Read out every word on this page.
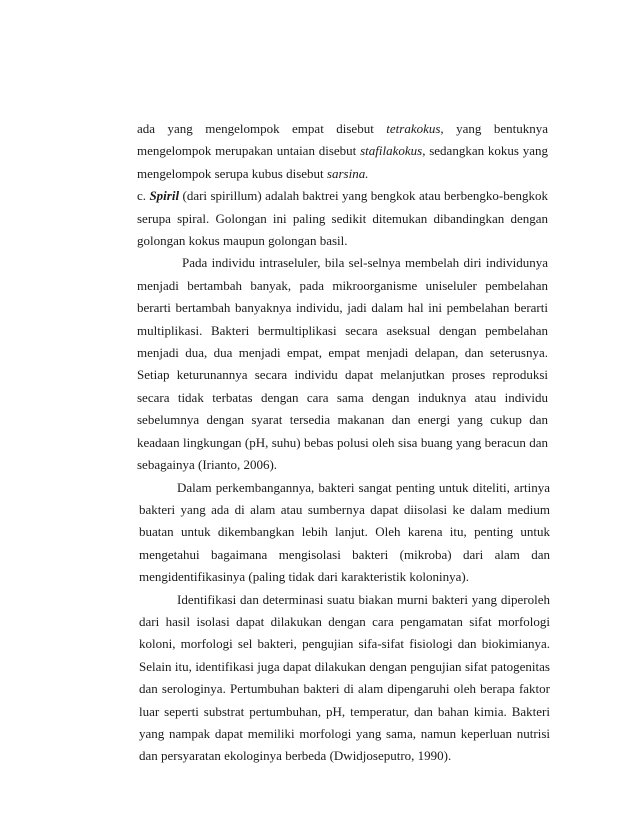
ada yang mengelompok empat disebut tetrakokus, yang bentuknya mengelompok merupakan untaian disebut stafilakokus, sedangkan kokus yang mengelompok serupa kubus disebut sarsina.

c. Spiril (dari spirillum) adalah baktrei yang bengkok atau berbengko-bengkok serupa spiral. Golongan ini paling sedikit ditemukan dibandingkan dengan golongan kokus maupun golongan basil.

Pada individu intraseluler, bila sel-selnya membelah diri individunya menjadi bertambah banyak, pada mikroorganisme uniseluler pembelahan berarti bertambah banyaknya individu, jadi dalam hal ini pembelahan berarti multiplikasi. Bakteri bermultiplikasi secara aseksual dengan pembelahan menjadi dua, dua menjadi empat, empat menjadi delapan, dan seterusnya. Setiap keturunannya secara individu dapat melanjutkan proses reproduksi secara tidak terbatas dengan cara sama dengan induknya atau individu sebelumnya dengan syarat tersedia makanan dan energi yang cukup dan keadaan lingkungan (pH, suhu) bebas polusi oleh sisa buang yang beracun dan sebagainya (Irianto, 2006).

Dalam perkembangannya, bakteri sangat penting untuk diteliti, artinya bakteri yang ada di alam atau sumbernya dapat diisolasi ke dalam medium buatan untuk dikembangkan lebih lanjut. Oleh karena itu, penting untuk mengetahui bagaimana mengisolasi bakteri (mikroba) dari alam dan mengidentifikasinya (paling tidak dari karakteristik koloninya).

Identifikasi dan determinasi suatu biakan murni bakteri yang diperoleh dari hasil isolasi dapat dilakukan dengan cara pengamatan sifat morfologi koloni, morfologi sel bakteri, pengujian sifa-sifat fisiologi dan biokimianya. Selain itu, identifikasi juga dapat dilakukan dengan pengujian sifat patogenitas dan serologinya. Pertumbuhan bakteri di alam dipengaruhi oleh berapa faktor luar seperti substrat pertumbuhan, pH, temperatur, dan bahan kimia. Bakteri yang nampak dapat memiliki morfologi yang sama, namun keperluan nutrisi dan persyaratan ekologinya berbeda (Dwidjoseputro, 1990).
